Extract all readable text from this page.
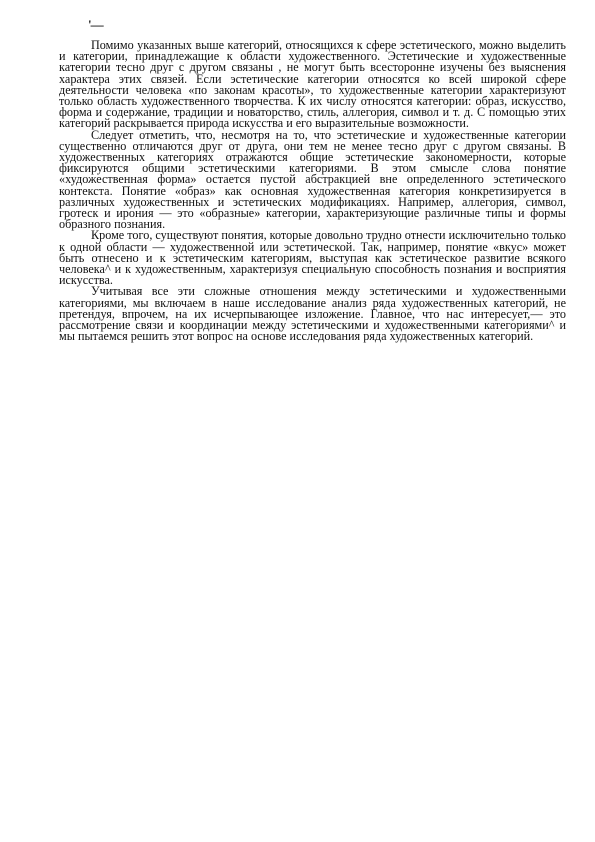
'—

Помимо указанных выше категорий, относящихся к сфере эстетического, можно выделить и категории, принадлежащие к области художественного. Эстетические и художественные категории тесно друг с другом связаны , не могут быть всесторонне изучены без выяснения характера этих связей. Если эстетические категории относятся ко всей широкой сфере деятельности человека «по законам красоты», то художественные категории характеризуют только область художественного творчества. К их числу относятся категории: образ, искусство, форма и содержание, традиции и новаторство, стиль, аллегория, символ и т. д. С помощью этих категорий раскрывается природа искусства и его выразительные возможности.

Следует отметить, что, несмотря на то, что эстетические и художественные категории существенно отличаются друг от друга, они тем не менее тесно друг с другом связаны. В художественных категориях отражаются общие эстетические закономерности, которые фиксируются общими эстетическими категориями. В этом смысле слова понятие «художественная форма» остается пустой абстракцией вне определенного эстетического контекста. Понятие «образ» как основная художественная категория конкретизируется в различных художественных и эстетических модификациях. Например, аллегория, символ, гротеск и ирония — это «образные» категории, характеризующие различные типы и формы образного познания.

Кроме того, существуют понятия, которые довольно трудно отнести исключительно только к одной области — художественной или эстетической. Так, например, понятие «вкус» может быть отнесено и к эстетическим категориям, выступая как эстетическое развитие всякого человека^ и к художественным, характеризуя специальную способность познания и восприятия искусства.

Учитывая все эти сложные отношения между эстетическими и художественными категориями, мы включаем в наше исследование анализ ряда художественных категорий, не претендуя, впрочем, на их исчерпывающее изложение. Главное, что нас интересует,— это рассмотрение связи и координации между эстетическими и художественными категориями^ и мы пытаемся решить этот вопрос на основе исследования ряда художественных категорий.
